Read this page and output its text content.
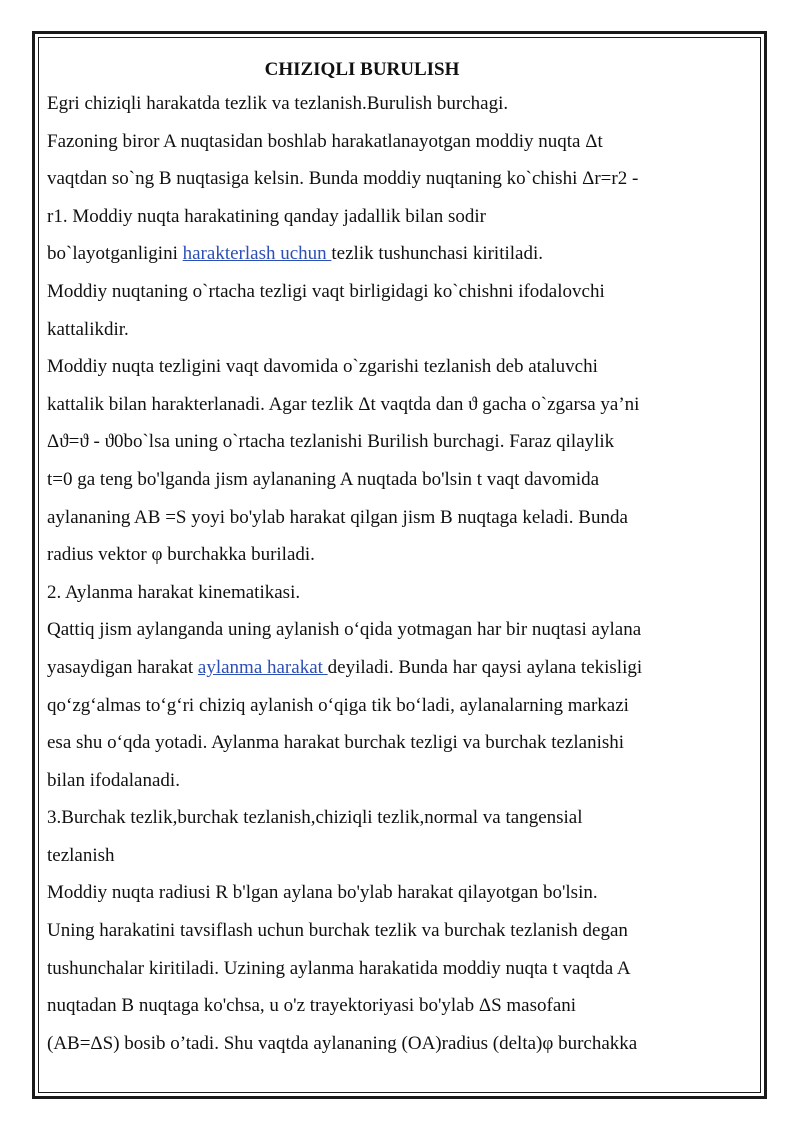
CHIZIQLI BURULISH

Egri chiziqli harakatda tezlik va tezlanish.Burulish burchagi.

Fazoning biror A nuqtasidan boshlab harakatlanayotgan moddiy nuqta Δt

vaqtdan so`ng B nuqtasiga kelsin. Bunda moddiy nuqtaning ko`chishi Δr=r2 -

r1. Moddiy nuqta harakatining qanday jadallik bilan sodir

bo`layotganligini harakterlash uchun tezlik tushunchasi kiritiladi.

Moddiy nuqtaning o`rtacha tezligi vaqt birligidagi ko`chishni ifodalovchi

kattalikdir.

Moddiy nuqta tezligini vaqt davomida o`zgarishi tezlanish deb ataluvchi

kattalik bilan harakterlanadi. Agar tezlik Δt vaqtda dan ϑ gacha o`zgarsa ya’ni

Δϑ=ϑ - ϑ0bo`lsa uning o`rtacha tezlanishi Burilish burchagi. Faraz qilaylik

t=0 ga teng bo'lganda jism aylananing A nuqtada bo'lsin t vaqt davomida

aylananing AB =S yoyi bo'ylab harakat qilgan jism B nuqtaga keladi. Bunda

radius vektor φ burchakka buriladi.

2. Aylanma harakat kinematikasi.

Qattiq jism aylanganda uning aylanish o‘qida yotmagan har bir nuqtasi aylana

yasaydigan harakat aylanma harakat deyiladi. Bunda har qaysi aylana tekisligi

qo‘zg‘almas to‘g‘ri chiziq aylanish o‘qiga tik bo‘ladi, aylanalarning markazi

esa shu o‘qda yotadi. Aylanma harakat burchak tezligi va burchak tezlanishi

bilan ifodalanadi.

3.Burchak tezlik,burchak tezlanish,chiziqli tezlik,normal va tangensial

tezlanish

Moddiy nuqta radiusi R b'lgan aylana bo'ylab harakat qilayotgan bo'lsin.

Uning harakatini tavsiflash uchun burchak tezlik va burchak tezlanish degan

tushunchalar kiritiladi. Uzining aylanma harakatida moddiy nuqta t vaqtda A

nuqtadan B nuqtaga ko'chsa, u o'z trayektoriyasi bo'ylab ΔS masofani

(AB=ΔS) bosib o’tadi. Shu vaqtda aylananing (OA)radius (delta)φ burchakka
